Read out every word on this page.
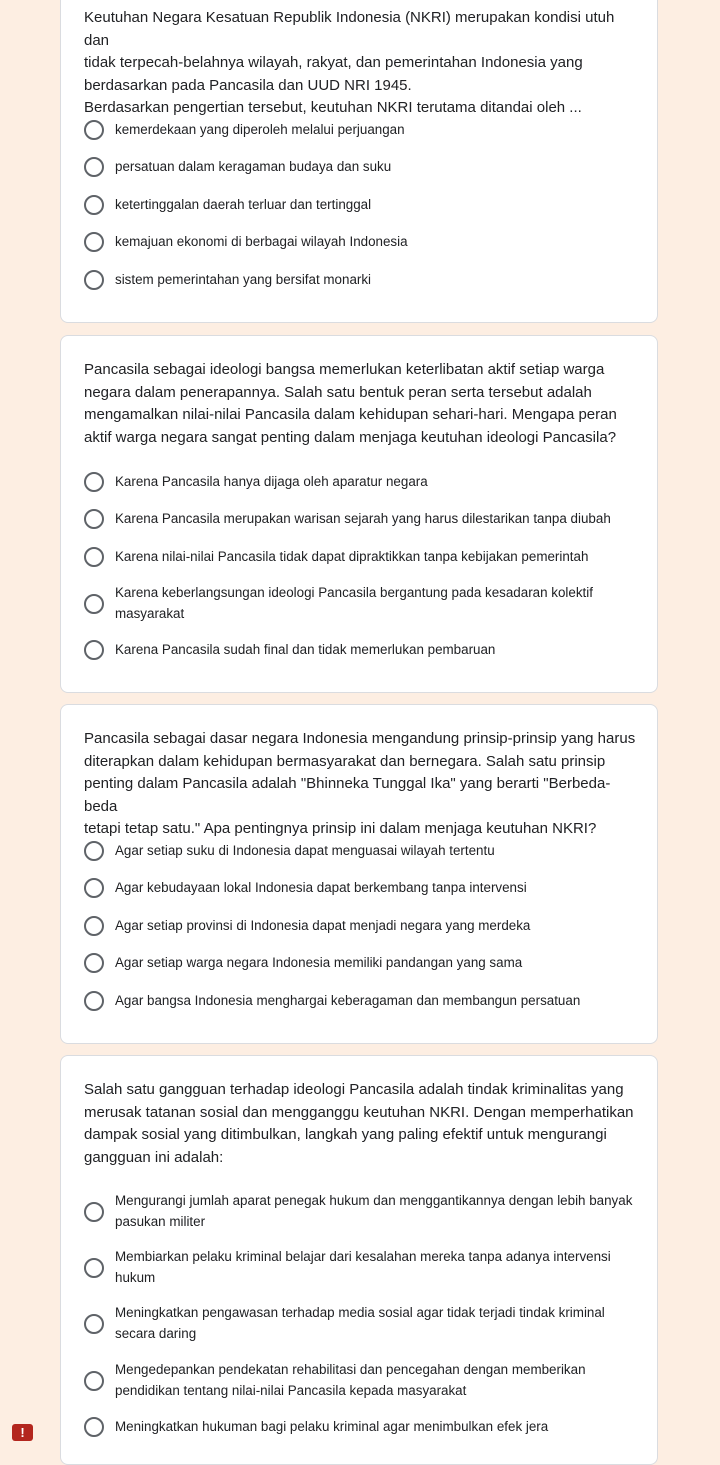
Keutuhan Negara Kesatuan Republik Indonesia (NKRI) merupakan kondisi utuh dan
tidak terpecah-belahnya wilayah, rakyat, dan pemerintahan Indonesia yang
berdasarkan pada Pancasila dan UUD NRI 1945.
Berdasarkan pengertian tersebut, keutuhan NKRI terutama ditandai oleh ...
kemerdekaan yang diperoleh melalui perjuangan
persatuan dalam keragaman budaya dan suku
ketertinggalan daerah terluar dan tertinggal
kemajuan ekonomi di berbagai wilayah Indonesia
sistem pemerintahan yang bersifat monarki
Pancasila sebagai ideologi bangsa memerlukan keterlibatan aktif setiap warga
negara dalam penerapannya. Salah satu bentuk peran serta tersebut adalah
mengamalkan nilai-nilai Pancasila dalam kehidupan sehari-hari. Mengapa peran
aktif warga negara sangat penting dalam menjaga keutuhan ideologi Pancasila?
Karena Pancasila hanya dijaga oleh aparatur negara
Karena Pancasila merupakan warisan sejarah yang harus dilestarikan tanpa diubah
Karena nilai-nilai Pancasila tidak dapat dipraktikkan tanpa kebijakan pemerintah
Karena keberlangsungan ideologi Pancasila bergantung pada kesadaran kolektif masyarakat
Karena Pancasila sudah final dan tidak memerlukan pembaruan
Pancasila sebagai dasar negara Indonesia mengandung prinsip-prinsip yang harus
diterapkan dalam kehidupan bermasyarakat dan bernegara. Salah satu prinsip
penting dalam Pancasila adalah "Bhinneka Tunggal Ika" yang berarti "Berbeda-beda
tetapi tetap satu." Apa pentingnya prinsip ini dalam menjaga keutuhan NKRI?
Agar setiap suku di Indonesia dapat menguasai wilayah tertentu
Agar kebudayaan lokal Indonesia dapat berkembang tanpa intervensi
Agar setiap provinsi di Indonesia dapat menjadi negara yang merdeka
Agar setiap warga negara Indonesia memiliki pandangan yang sama
Agar bangsa Indonesia menghargai keberagaman dan membangun persatuan
Salah satu gangguan terhadap ideologi Pancasila adalah tindak kriminalitas yang
merusak tatanan sosial dan mengganggu keutuhan NKRI. Dengan memperhatikan
dampak sosial yang ditimbulkan, langkah yang paling efektif untuk mengurangi
gangguan ini adalah:
Mengurangi jumlah aparat penegak hukum dan menggantikannya dengan lebih banyak pasukan militer
Membiarkan pelaku kriminal belajar dari kesalahan mereka tanpa adanya intervensi hukum
Meningkatkan pengawasan terhadap media sosial agar tidak terjadi tindak kriminal secara daring
Mengedepankan pendekatan rehabilitasi dan pencegahan dengan memberikan pendidikan tentang nilai-nilai Pancasila kepada masyarakat
Meningkatkan hukuman bagi pelaku kriminal agar menimbulkan efek jera
!
